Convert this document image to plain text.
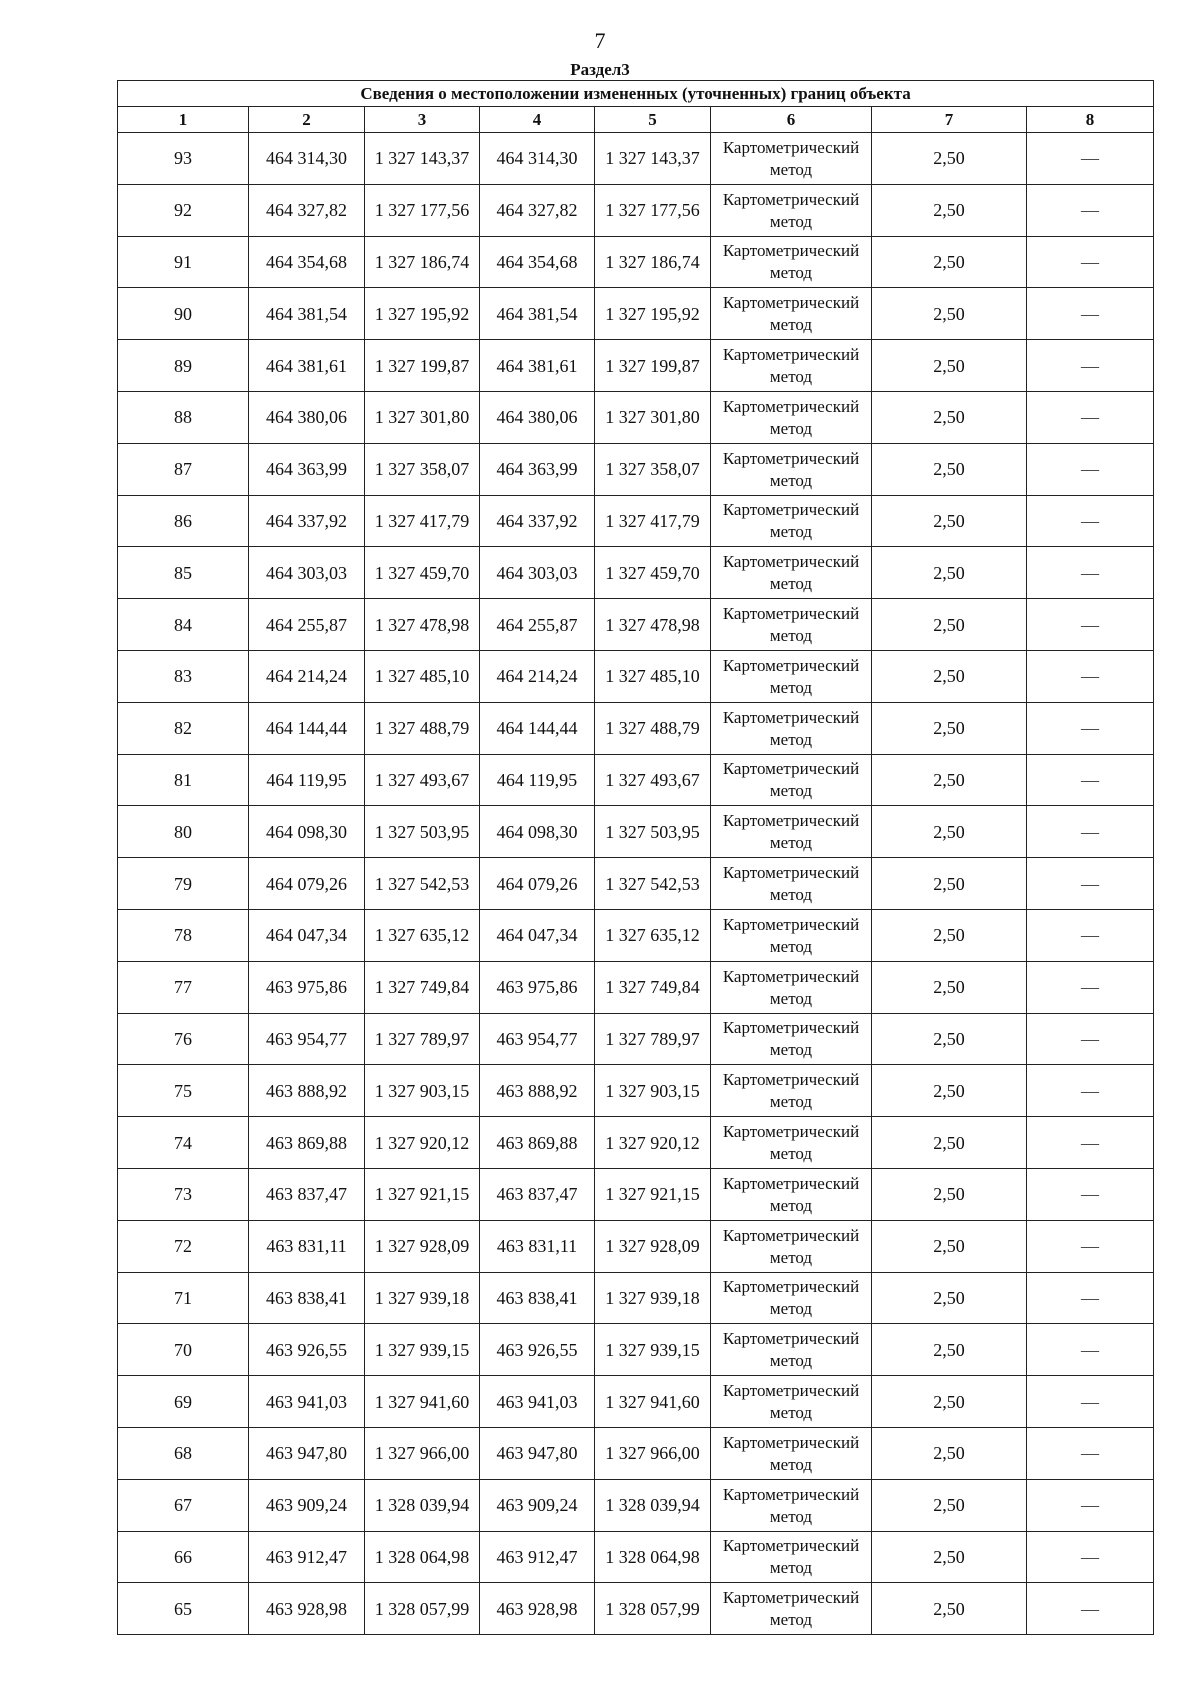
7
Раздел3
Сведения о местоположении измененных (уточненных) границ объекта							
1	2	3	4	5	6	7	8
93	464 314,30	1 327 143,37	464 314,30	1 327 143,37	Картометрический метод	2,50	—
92	464 327,82	1 327 177,56	464 327,82	1 327 177,56	Картометрический метод	2,50	—
91	464 354,68	1 327 186,74	464 354,68	1 327 186,74	Картометрический метод	2,50	—
90	464 381,54	1 327 195,92	464 381,54	1 327 195,92	Картометрический метод	2,50	—
89	464 381,61	1 327 199,87	464 381,61	1 327 199,87	Картометрический метод	2,50	—
88	464 380,06	1 327 301,80	464 380,06	1 327 301,80	Картометрический метод	2,50	—
87	464 363,99	1 327 358,07	464 363,99	1 327 358,07	Картометрический метод	2,50	—
86	464 337,92	1 327 417,79	464 337,92	1 327 417,79	Картометрический метод	2,50	—
85	464 303,03	1 327 459,70	464 303,03	1 327 459,70	Картометрический метод	2,50	—
84	464 255,87	1 327 478,98	464 255,87	1 327 478,98	Картометрический метод	2,50	—
83	464 214,24	1 327 485,10	464 214,24	1 327 485,10	Картометрический метод	2,50	—
82	464 144,44	1 327 488,79	464 144,44	1 327 488,79	Картометрический метод	2,50	—
81	464 119,95	1 327 493,67	464 119,95	1 327 493,67	Картометрический метод	2,50	—
80	464 098,30	1 327 503,95	464 098,30	1 327 503,95	Картометрический метод	2,50	—
79	464 079,26	1 327 542,53	464 079,26	1 327 542,53	Картометрический метод	2,50	—
78	464 047,34	1 327 635,12	464 047,34	1 327 635,12	Картометрический метод	2,50	—
77	463 975,86	1 327 749,84	463 975,86	1 327 749,84	Картометрический метод	2,50	—
76	463 954,77	1 327 789,97	463 954,77	1 327 789,97	Картометрический метод	2,50	—
75	463 888,92	1 327 903,15	463 888,92	1 327 903,15	Картометрический метод	2,50	—
74	463 869,88	1 327 920,12	463 869,88	1 327 920,12	Картометрический метод	2,50	—
73	463 837,47	1 327 921,15	463 837,47	1 327 921,15	Картометрический метод	2,50	—
72	463 831,11	1 327 928,09	463 831,11	1 327 928,09	Картометрический метод	2,50	—
71	463 838,41	1 327 939,18	463 838,41	1 327 939,18	Картометрический метод	2,50	—
70	463 926,55	1 327 939,15	463 926,55	1 327 939,15	Картометрический метод	2,50	—
69	463 941,03	1 327 941,60	463 941,03	1 327 941,60	Картометрический метод	2,50	—
68	463 947,80	1 327 966,00	463 947,80	1 327 966,00	Картометрический метод	2,50	—
67	463 909,24	1 328 039,94	463 909,24	1 328 039,94	Картометрический метод	2,50	—
66	463 912,47	1 328 064,98	463 912,47	1 328 064,98	Картометрический метод	2,50	—
65	463 928,98	1 328 057,99	463 928,98	1 328 057,99	Картометрический метод	2,50	—
